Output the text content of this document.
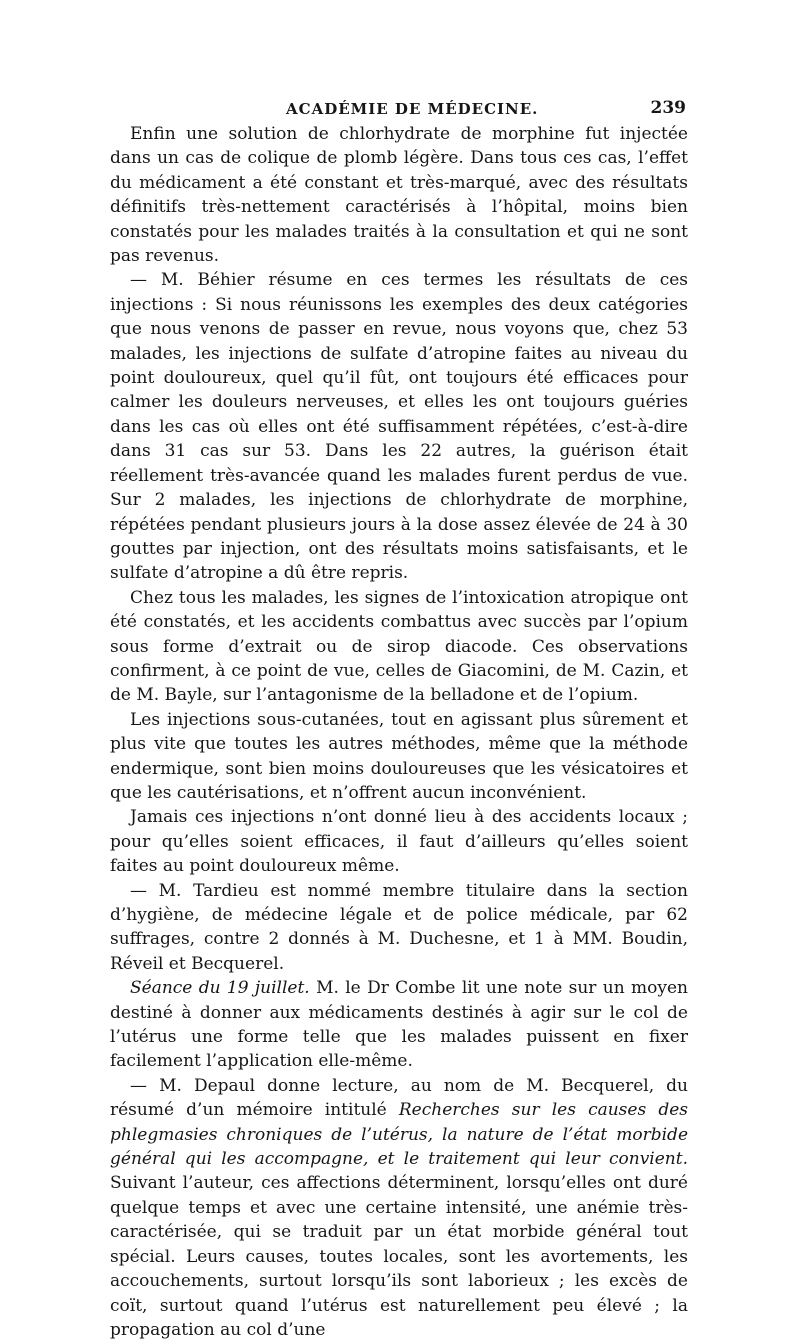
ACADÉMIE DE MÉDECINE.	239

Enfin une solution de chlorhydrate de morphine fut injectée dans un cas de colique de plomb légère. Dans tous ces cas, l’effet du médicament a été constant et très-marqué, avec des résultats définitifs très-nettement caractérisés à l’hôpital, moins bien constatés pour les malades traités à la consultation et qui ne sont pas revenus.

— M. Béhier résume en ces termes les résultats de ces injections : Si nous réunissons les exemples des deux catégories que nous venons de passer en revue, nous voyons que, chez 53 malades, les injections de sulfate d’atropine faites au niveau du point douloureux, quel qu’il fût, ont toujours été efficaces pour calmer les douleurs nerveuses, et elles les ont toujours guéries dans les cas où elles ont été suffisamment répétées, c’est-à-dire dans 31 cas sur 53. Dans les 22 autres, la guérison était réellement très-avancée quand les malades furent perdus de vue. Sur 2 malades, les injections de chlorhydrate de morphine, répétées pendant plusieurs jours à la dose assez élevée de 24 à 30 gouttes par injection, ont des résultats moins satisfaisants, et le sulfate d’atropine a dû être repris.

Chez tous les malades, les signes de l’intoxication atropique ont été constatés, et les accidents combattus avec succès par l’opium sous forme d’extrait ou de sirop diacode. Ces observations confirment, à ce point de vue, celles de Giacomini, de M. Cazin, et de M. Bayle, sur l’antagonisme de la belladone et de l’opium.

Les injections sous-cutanées, tout en agissant plus sûrement et plus vite que toutes les autres méthodes, même que la méthode endermique, sont bien moins douloureuses que les vésicatoires et que les cautérisations, et n’offrent aucun inconvénient.

Jamais ces injections n’ont donné lieu à des accidents locaux ; pour qu’elles soient efficaces, il faut d’ailleurs qu’elles soient faites au point douloureux même.

— M. Tardieu est nommé membre titulaire dans la section d’hygiène, de médecine légale et de police médicale, par 62 suffrages, contre 2 donnés à M. Duchesne, et 1 à MM. Boudin, Réveil et Becquerel.

Séance du 19 juillet. M. le Dr Combe lit une note sur un moyen destiné à donner aux médicaments destinés à agir sur le col de l’utérus une forme telle que les malades puissent en fixer facilement l’application elle-même.

— M. Depaul donne lecture, au nom de M. Becquerel, du résumé d’un mémoire intitulé Recherches sur les causes des phlegmasies chroniques de l’utérus, la nature de l’état morbide général qui les accompagne, et le traitement qui leur convient. Suivant l’auteur, ces affections déterminent, lorsqu’elles ont duré quelque temps et avec une certaine intensité, une anémie très-caractérisée, qui se traduit par un état morbide général tout spécial. Leurs causes, toutes locales, sont les avortements, les accouchements, surtout lorsqu’ils sont laborieux ; les excès de coït, surtout quand l’utérus est naturellement peu élevé ; la propagation au col d’une
